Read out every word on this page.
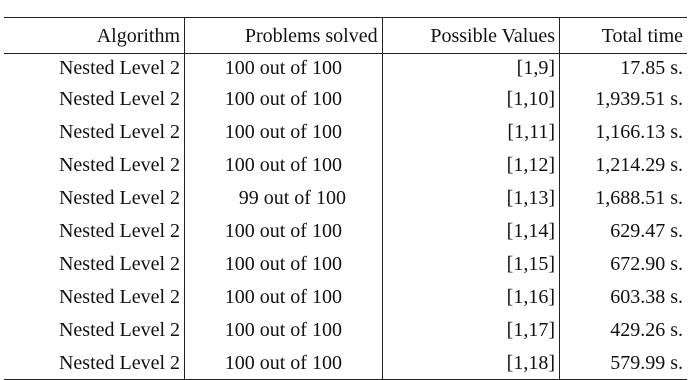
Algorithm	Problems solved	Possible Values	Total time
Nested Level 2	100 out of 100	[1,9]	17.85 s.
Nested Level 2	100 out of 100	[1,10]	1,939.51 s.
Nested Level 2	100 out of 100	[1,11]	1,166.13 s.
Nested Level 2	100 out of 100	[1,12]	1,214.29 s.
Nested Level 2	99 out of 100	[1,13]	1,688.51 s.
Nested Level 2	100 out of 100	[1,14]	629.47 s.
Nested Level 2	100 out of 100	[1,15]	672.90 s.
Nested Level 2	100 out of 100	[1,16]	603.38 s.
Nested Level 2	100 out of 100	[1,17]	429.26 s.
Nested Level 2	100 out of 100	[1,18]	579.99 s.
